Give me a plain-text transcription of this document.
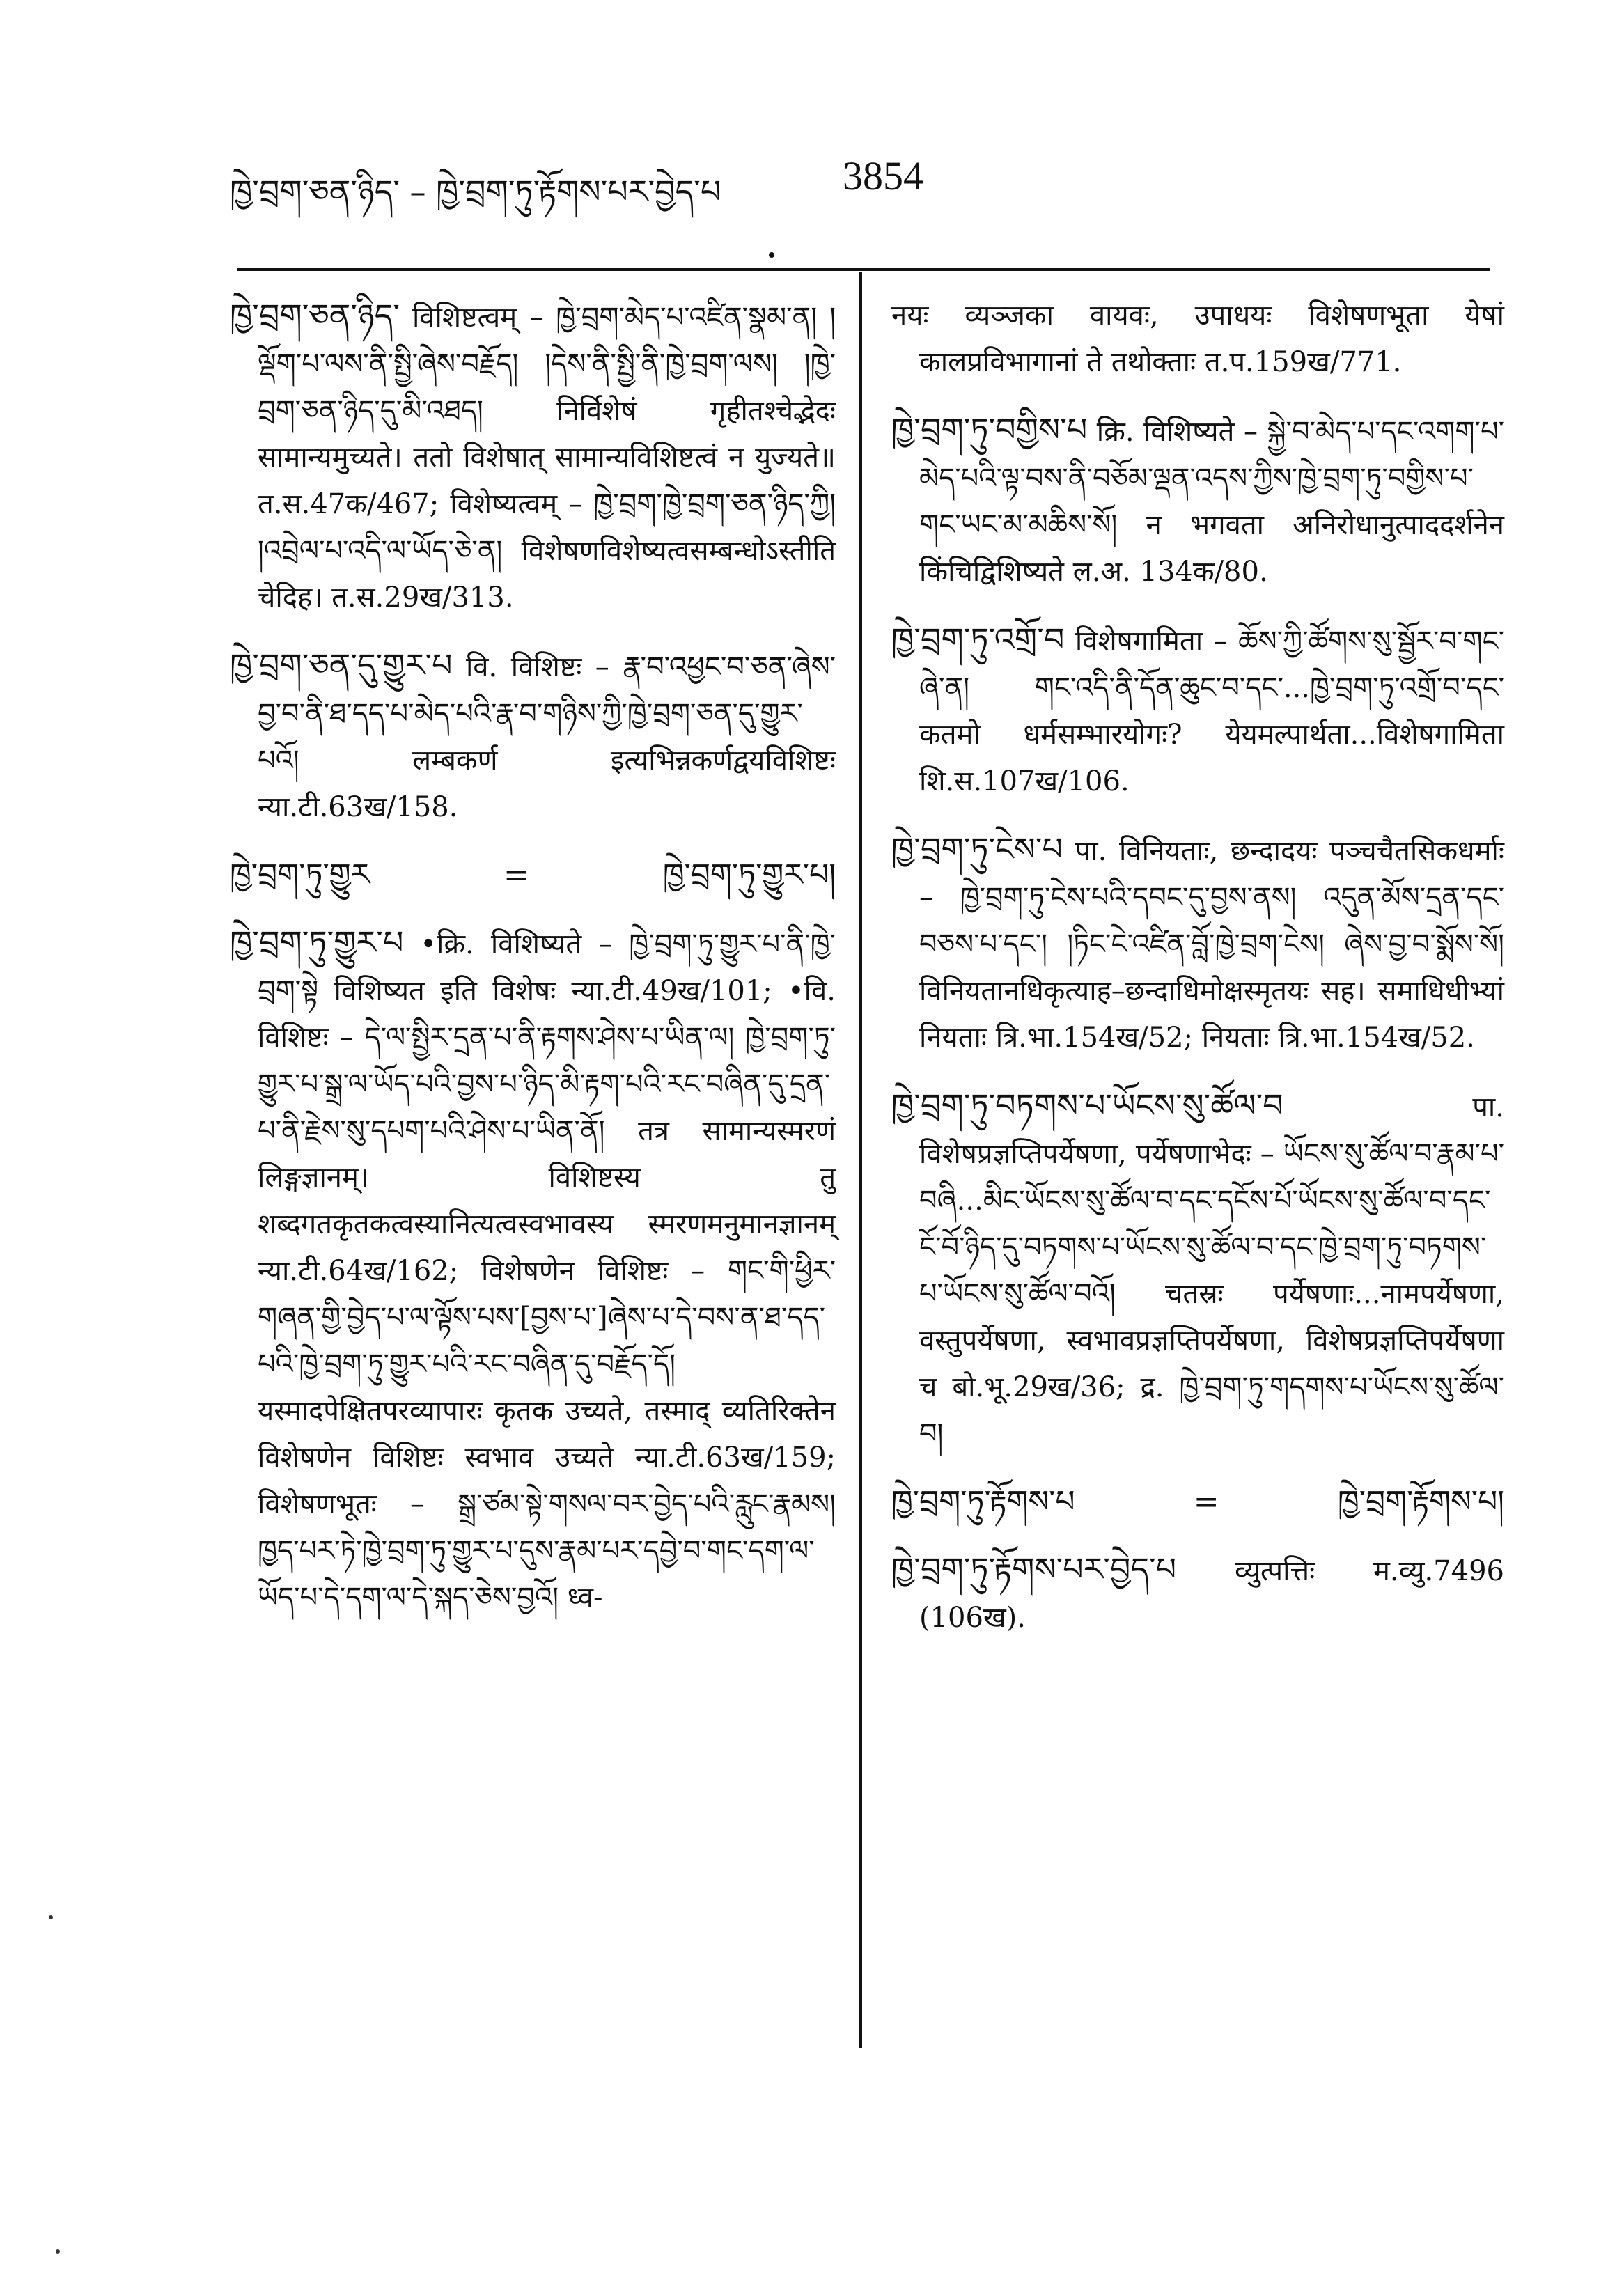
ཁྱེ་བྲག་ཅན་ཉིད་ – ཁྱེ་བྲག་ཏུ་རྟོགས་པར་བྱེད་པ	3854

ཁྱེ་བྲག་ཅན་ཉིད་ विशिष्टत्वम् – ཁྱེ་བྲག་མེད་པ་འཛིན་སྣམ་ན། །ལྡོག་པ་ལས་ནི་སྤྱི་ཞེས་བརྗོད། །དེས་ནི་སྤྱི་ནི་ཁྱེ་བྲག་ལས། །ཁྱེ་བྲག་ཅན་ཉིད་དུ་མི་འཐད། निर्विशेषं गृहीतश्चेद्भेदः सामान्यमुच्यते। ततो विशेषात् सामान्यविशिष्टत्वं न युज्यते॥ त.स.47क/467; विशेष्यत्वम् – ཁྱེ་བྲག་ཁྱེ་བྲག་ཅན་ཉིད་ཀྱི། །འབྲེལ་པ་འདི་ལ་ཡོད་ཅེ་ན། विशेषणविशेष्यत्वसम्बन्धोऽस्तीति चेदिह। त.स.29ख/313.

ཁྱེ་བྲག་ཅན་དུ་གྱུར་པ वि. विशिष्टः – རྣ་བ་འཕྱང་བ་ཅན་ཞེས་བྱ་བ་ནི་ཐ་དད་པ་མེད་པའི་རྣ་བ་གཉིས་ཀྱི་ཁྱེ་བྲག་ཅན་དུ་གྱུར་པའོ། लम्बकर्ण इत्यभिन्नकर्णद्वयविशिष्टः न्या.टी.63ख/158.

ཁྱེ་བྲག་ཏུ་གྱུར	=	ཁྱེ་བྲག་ཏུ་གྱུར་པ།

ཁྱེ་བྲག་ཏུ་གྱུར་པ •क्रि. विशिष्यते – ཁྱེ་བྲག་ཏུ་གྱུར་པ་ནི་ཁྱེ་བྲག་སྟེ विशिष्यत इति विशेषः न्या.टी.49ख/101; •वि. विशिष्टः – དེ་ལ་སྤྱིར་དྲན་པ་ནི་རྟགས་ཤེས་པ་ཡིན་ལ། ཁྱེ་བྲག་ཏུ་གྱུར་པ་སྒྲ་ལ་ཡོད་པའི་བྱས་པ་ཉིད་མི་རྟག་པའི་རང་བཞིན་དུ་དྲན་པ་ནི་རྗེས་སུ་དཔག་པའི་ཤེས་པ་ཡིན་ནོ། तत्र सामान्यस्मरणं लिङ्गज्ञानम्। विशिष्टस्य तु शब्दगतकृतकत्वस्यानित्यत्वस्वभावस्य स्मरणमनुमानज्ञानम् न्या.टी.64ख/162; विशेषणेन विशिष्टः – གང་གི་ཕྱིར་གཞན་གྱི་བྱེད་པ་ལ་ལྟོས་པས་[བྱས་པ་]ཞེས་པ་དེ་བས་ན་ཐ་དད་པའི་ཁྱེ་བྲག་ཏུ་གྱུར་པའི་རང་བཞིན་དུ་བརྗོད་དོ། यस्मादपेक्षितपरव्यापारः कृतक उच्यते, तस्माद् व्यतिरिक्तेन विशेषणेन विशिष्टः स्वभाव उच्यते न्या.टी.63ख/159; विशेषणभूतः – སྒྲ་ཙམ་སྟེ་གསལ་བར་བྱེད་པའི་རླུང་རྣམས། ཁྱད་པར་ཏེ་ཁྱེ་བྲག་ཏུ་གྱུར་པ་དུས་རྣམ་པར་དབྱེ་བ་གང་དག་ལ་ཡོད་པ་དེ་དག་ལ་དེ་སྐད་ཅེས་བྱའོ། ध्व-

नयः व्यञ्जका वायवः, उपाधयः विशेषणभूता येषां कालप्रविभागानां ते तथोक्ताः त.प.159ख/771.

ཁྱེ་བྲག་ཏུ་བགྱིས་པ क्रि. विशिष्यते – སྐྱེ་བ་མེད་པ་དང་འགག་པ་མེད་པའི་ལྟ་བས་ནི་བཅོམ་ལྡན་འདས་ཀྱིས་ཁྱེ་བྲག་ཏུ་བགྱིས་པ་གང་ཡང་མ་མཆིས་སོ། न भगवता अनिरोधानुत्पाददर्शनेन किंचिद्विशिष्यते ल.अ. 134क/80.

ཁྱེ་བྲག་ཏུ་འགྲོ་བ विशेषगामिता – ཆོས་ཀྱི་ཚོགས་སུ་སྦྱོར་བ་གང་ཞེ་ན། གང་འདི་ནི་དོན་ཆུང་བ་དང་...ཁྱེ་བྲག་ཏུ་འགྲོ་བ་དང་ कतमो धर्मसम्भारयोगः? येयमल्पार्थता...विशेषगामिता शि.स.107ख/106.

ཁྱེ་བྲག་ཏུ་ངེས་པ पा. विनियताः, छन्दादयः पञ्चचैतसिकधर्माः – ཁྱེ་བྲག་ཏུ་ངེས་པའི་དབང་དུ་བྱས་ནས། འདུན་མོས་དྲན་དང་བཅས་པ་དང་། །ཏིང་ངེ་འཛིན་བློ་ཁྱེ་བྲག་ངེས། ཞེས་བྱ་བ་སྨོས་སོ། विनियतानधिकृत्याह–छन्दाधिमोक्षस्मृतयः सह। समाधिधीभ्यां नियताः त्रि.भा.154ख/52; नियताः त्रि.भा.154ख/52.

ཁྱེ་བྲག་ཏུ་བཏགས་པ་ཡོངས་སུ་ཚོལ་བ	पा. विशेषप्रज्ञप्तिपर्येषणा, पर्येषणाभेदः – ཡོངས་སུ་ཚོལ་བ་རྣམ་པ་བཞི...མིང་ཡོངས་སུ་ཚོལ་བ་དང་དངོས་པོ་ཡོངས་སུ་ཚོལ་བ་དང་ངོ་བོ་ཉིད་དུ་བཏགས་པ་ཡོངས་སུ་ཚོལ་བ་དང་ཁྱེ་བྲག་ཏུ་བཏགས་པ་ཡོངས་སུ་ཚོལ་བའོ། चतस्रः पर्येषणाः...नामपर्येषणा, वस्तुपर्येषणा, स्वभावप्रज्ञप्तिपर्येषणा, विशेषप्रज्ञप्तिपर्येषणा च बो.भू.29ख/36; द्र. ཁྱེ་བྲག་ཏུ་གདགས་པ་ཡོངས་སུ་ཚོལ་བ།

ཁྱེ་བྲག་ཏུ་རྟོགས་པ	=	ཁྱེ་བྲག་རྟོགས་པ།

ཁྱེ་བྲག་ཏུ་རྟོགས་པར་བྱེད་པ व्युत्पत्तिः म.व्यु.7496 (106ख).
